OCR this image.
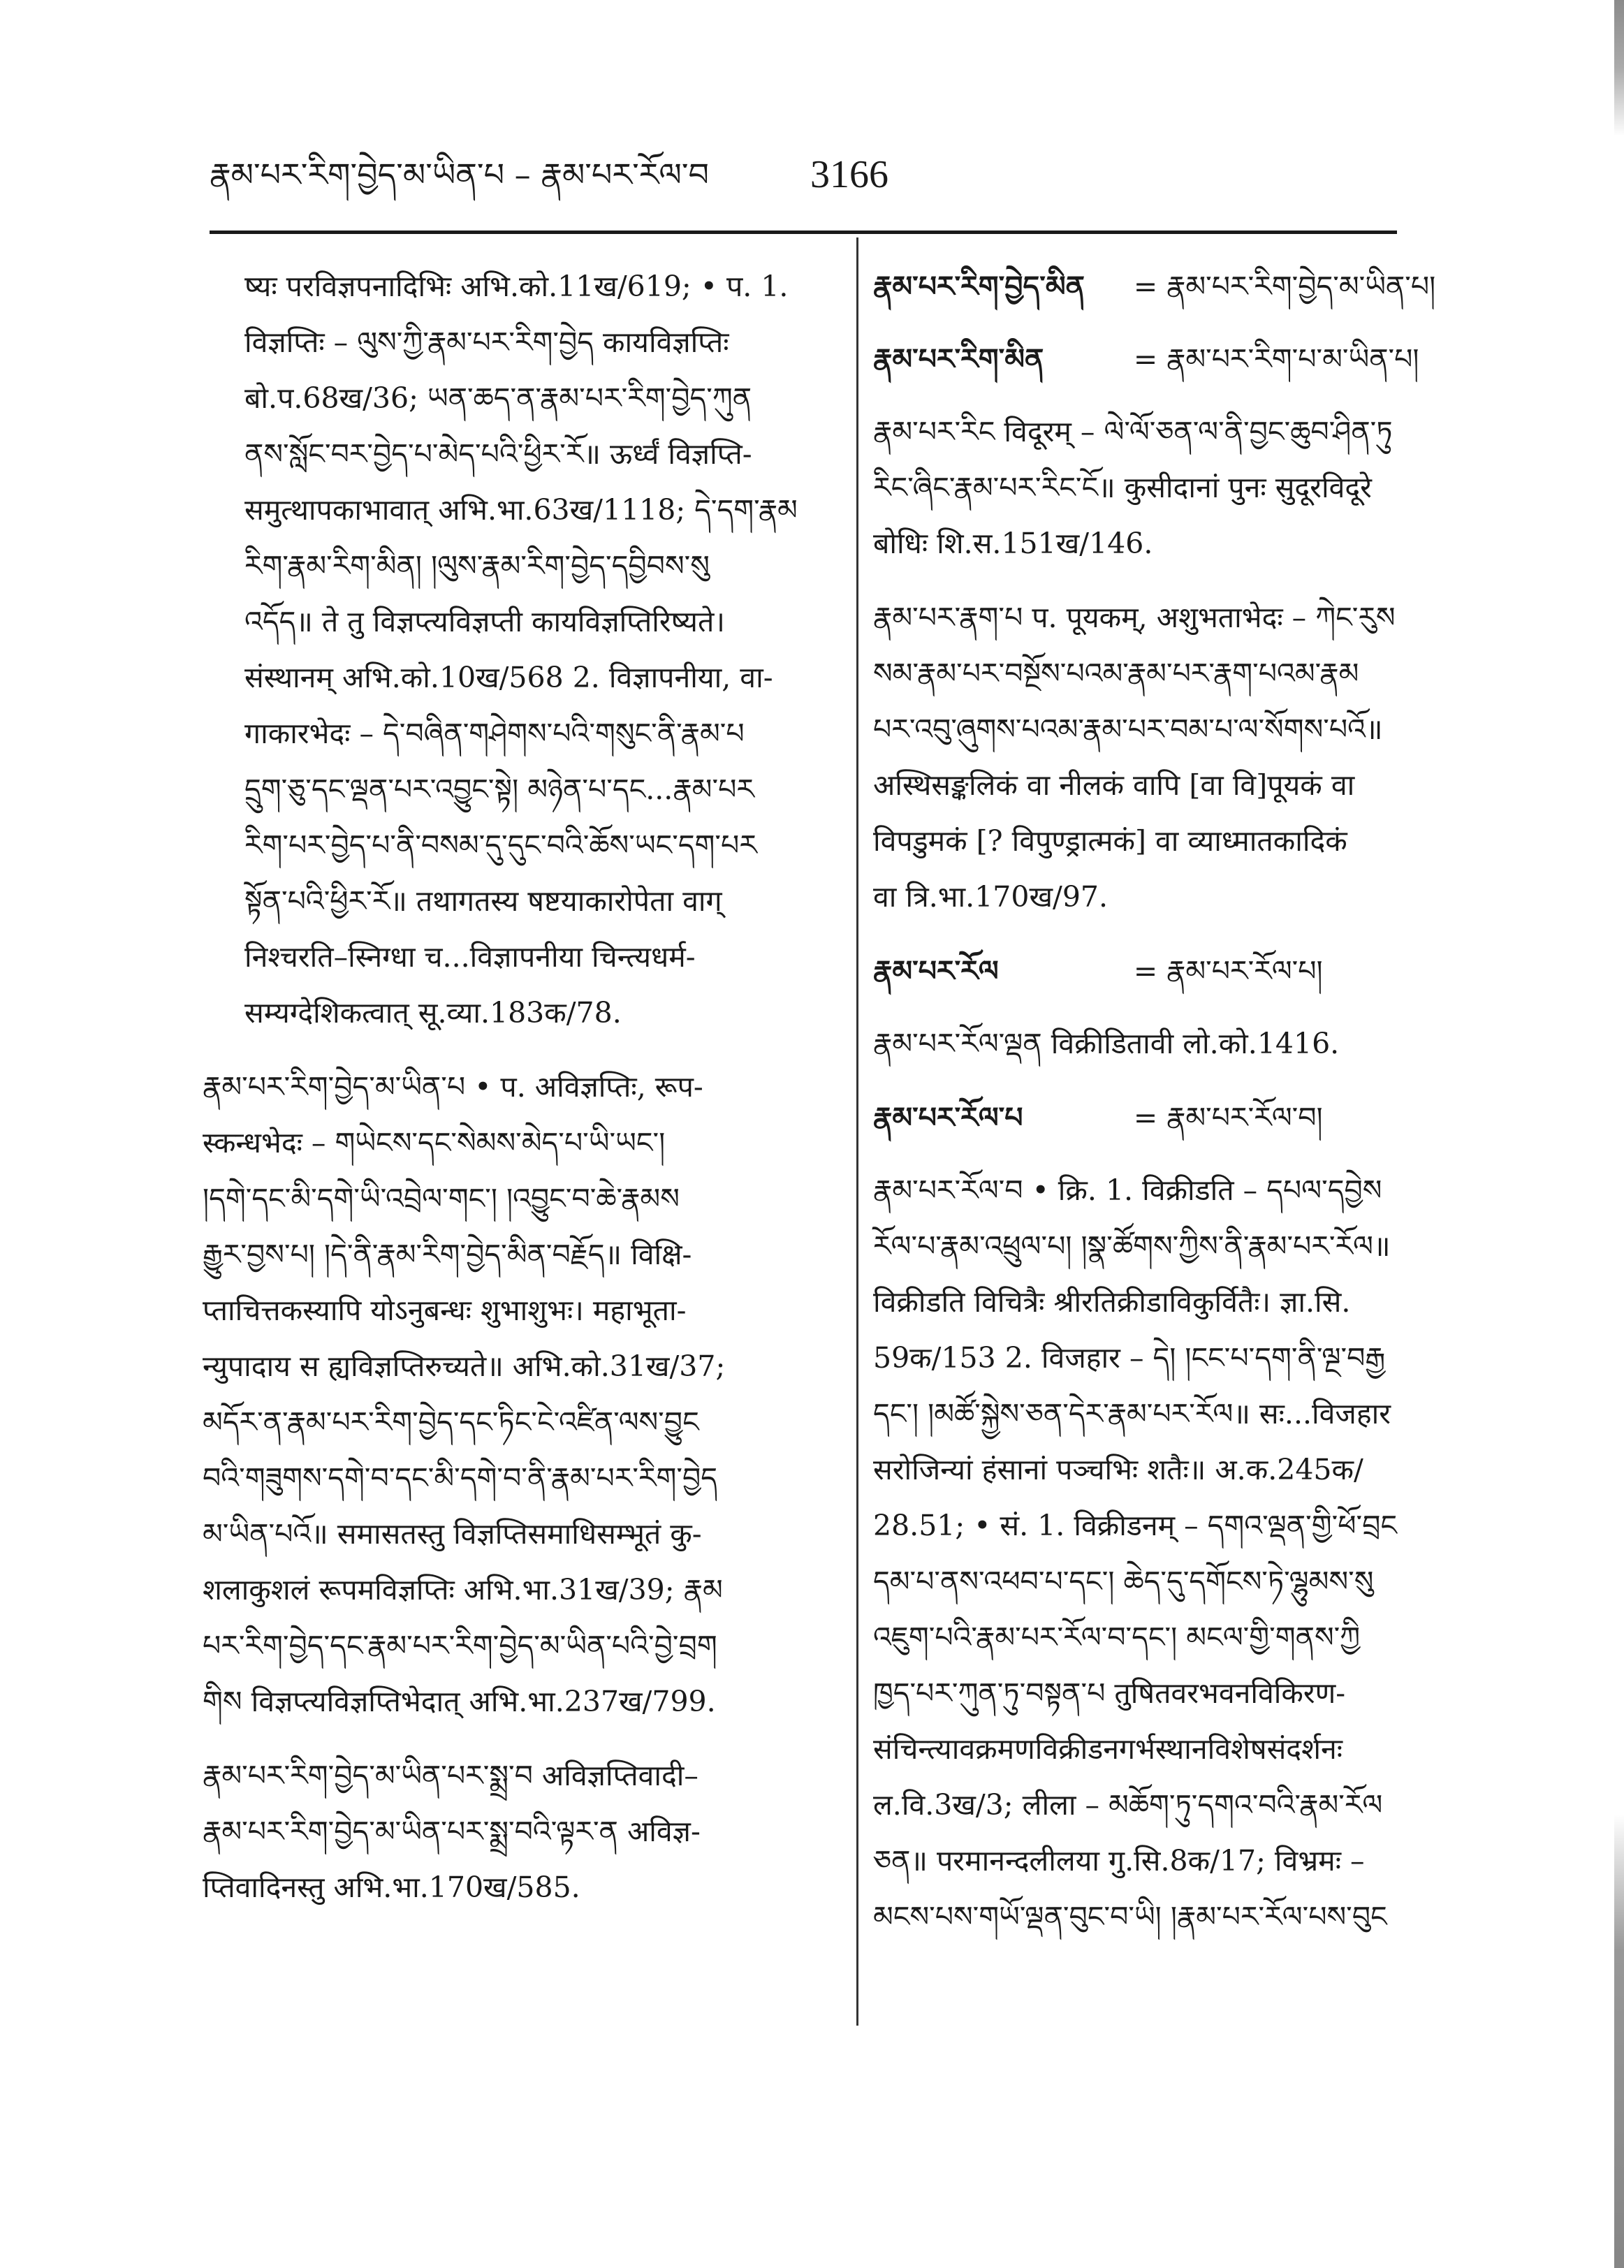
རྣམ་པར་རིག་བྱེད་མ་ཡིན་པ – རྣམ་པར་རོལ་བ	3166
ष्यः परविज्ञपनादिभिः अभि.को.11ख/619; • प. 1.
विज्ञप्तिः – ལུས་ཀྱི་རྣམ་པར་རིག་བྱེད कायविज्ञप्तिः
बो.प.68ख/36; ཡན་ཆད་ན་རྣམ་པར་རིག་བྱེད་ཀུན
ནས་སློང་བར་བྱེད་པ་མེད་པའི་ཕྱིར་རོ॥ ऊर्ध्वं विज्ञप्ति-
समुत्थापकाभावात् अभि.भा.63ख/1118; དེ་དག་རྣམ
རིག་རྣམ་རིག་མིན། །ལུས་རྣམ་རིག་བྱེད་དབྱིབས་སུ
འདོད॥ ते तु विज्ञप्त्यविज्ञप्ती कायविज्ञप्तिरिष्यते।
संस्थानम् अभि.को.10ख/568 2. विज्ञापनीया, वा-
गाकारभेदः – དེ་བཞིན་གཤེགས་པའི་གསུང་ནི་རྣམ་པ
དྲུག་ཅུ་དང་ལྡན་པར་འབྱུང་སྟེ། མཉེན་པ་དང...རྣམ་པར
རིག་པར་བྱེད་པ་ནི་བསམ་དུ་དུང་བའི་ཆོས་ཡང་དག་པར
སྟོན་པའི་ཕྱིར་རོ॥ तथागतस्य षष्टयाकारोपेता वाग्
निश्चरति–स्निग्धा च...विज्ञापनीया चिन्त्यधर्म-
सम्यग्देशिकत्वात् सू.व्या.183क/78.
རྣམ་པར་རིག་བྱེད་མ་ཡིན་པ • प. अविज्ञप्तिः, रूप-
स्कन्धभेदः – གཡེངས་དང་སེམས་མེད་པ་ཡི་ཡང་།
།དགེ་དང་མི་དགེ་ཡི་འབྲེལ་གང་། །འབྱུང་བ་ཆེ་རྣམས
རྒྱུར་བྱས་པ། །དེ་ནི་རྣམ་རིག་བྱེད་མིན་བརྗོད॥ विक्षि-
प्ताचित्तकस्यापि योऽनुबन्धः शुभाशुभः। महाभूता-
न्युपादाय स ह्यविज्ञप्तिरुच्यते॥ अभि.को.31ख/37;
མདོར་ན་རྣམ་པར་རིག་བྱེད་དང་ཏིང་ངེ་འཛིན་ལས་བྱུང
བའི་གཟུགས་དགེ་བ་དང་མི་དགེ་བ་ནི་རྣམ་པར་རིག་བྱེད
མ་ཡིན་པའོ॥ समासतस्तु विज्ञप्तिसमाधिसम्भूतं कु-
शलाकुशलं रूपमविज्ञप्तिः अभि.भा.31ख/39; རྣམ
པར་རིག་བྱེད་དང་རྣམ་པར་རིག་བྱེད་མ་ཡིན་པའི་བྱེ་བྲག
གིས विज्ञप्त्यविज्ञप्तिभेदात् अभि.भा.237ख/799.
རྣམ་པར་རིག་བྱེད་མ་ཡིན་པར་སྨྲ་བ अविज्ञप्तिवादी–
རྣམ་པར་རིག་བྱེད་མ་ཡིན་པར་སྨྲ་བའི་ལྟར་ན अविज्ञ-
प्तिवादिनस्तु अभि.भा.170ख/585.
རྣམ་པར་རིག་བྱེད་མིན	= རྣམ་པར་རིག་བྱེད་མ་ཡིན་པ།
རྣམ་པར་རིག་མིན	= རྣམ་པར་རིག་པ་མ་ཡིན་པ།
རྣམ་པར་རིང विदूरम् – ལེ་ལོ་ཅན་ལ་ནི་བྱང་ཆུབ་ཤིན་ཏུ
རིང་ཞིང་རྣམ་པར་རིང་ངོ॥ कुसीदानां पुनः सुदूरविदूरे
बोधिः शि.स.151ख/146.
རྣམ་པར་རྣག་པ प. पूयकम्, अशुभताभेदः – ཀེང་རུས
སམ་རྣམ་པར་བསྔོས་པའམ་རྣམ་པར་རྣག་པའམ་རྣམ
པར་འབུ་ཞུགས་པའམ་རྣམ་པར་བམ་པ་ལ་སོགས་པའོ॥
अस्थिसङ्कलिकं वा नीलकं वापि [वा वि]पूयकं वा
विपडुमकं [? विपुण्ड्रात्मकं] वा व्याध्मातकादिकं
वा त्रि.भा.170ख/97.
རྣམ་པར་རོལ	= རྣམ་པར་རོལ་པ།
རྣམ་པར་རོལ་ལྡན विक्रीडितावी लो.को.1416.
རྣམ་པར་རོལ་པ	= རྣམ་པར་རོལ་བ།
རྣམ་པར་རོལ་བ • क्रि. 1. विक्रीडति – དཔལ་དབྱེས
རོལ་པ་རྣམ་འཕྲུལ་པ། །སྣ་ཚོགས་ཀྱིས་ནི་རྣམ་པར་རོལ॥
विक्रीडति विचित्रैः श्रीरतिक्रीडाविकुर्वितैः। ज्ञा.सि.
59क/153 2. विजहार – དེ། །ངང་པ་དག་ནི་ལྔ་བརྒྱ
དང་། །མཚོ་སྐྱེས་ཅན་དེར་རྣམ་པར་རོལ॥ सः...विजहार
सरोजिन्यां हंसानां पञ्चभिः शतैः॥ अ.क.245क/
28.51; • सं. 1. विक्रीडनम् – དགའ་ལྡན་གྱི་ཕོ་བྲང
དམ་པ་ནས་འཕབ་པ་དང་། ཆེད་དུ་དགོངས་ཏེ་ལྷུམས་སུ
འཇུག་པའི་རྣམ་པར་རོལ་བ་དང་། མངལ་གྱི་གནས་ཀྱི
ཁྱད་པར་ཀུན་ཏུ་བསྟན་པ तुषितवरभवनविकिरण-
संचिन्त्यावक्रमणविक्रीडनगर्भस्थानविशेषसंदर्शनः
ल.वि.3ख/3; लीला – མཆོག་ཏུ་དགའ་བའི་རྣམ་རོལ
ཅན॥ परमानन्दलीलया गु.सि.8क/17; विभ्रमः –
མངས་པས་གཡོ་ལྡན་བུང་བ་ཡི། །རྣམ་པར་རོལ་པས་བུང
